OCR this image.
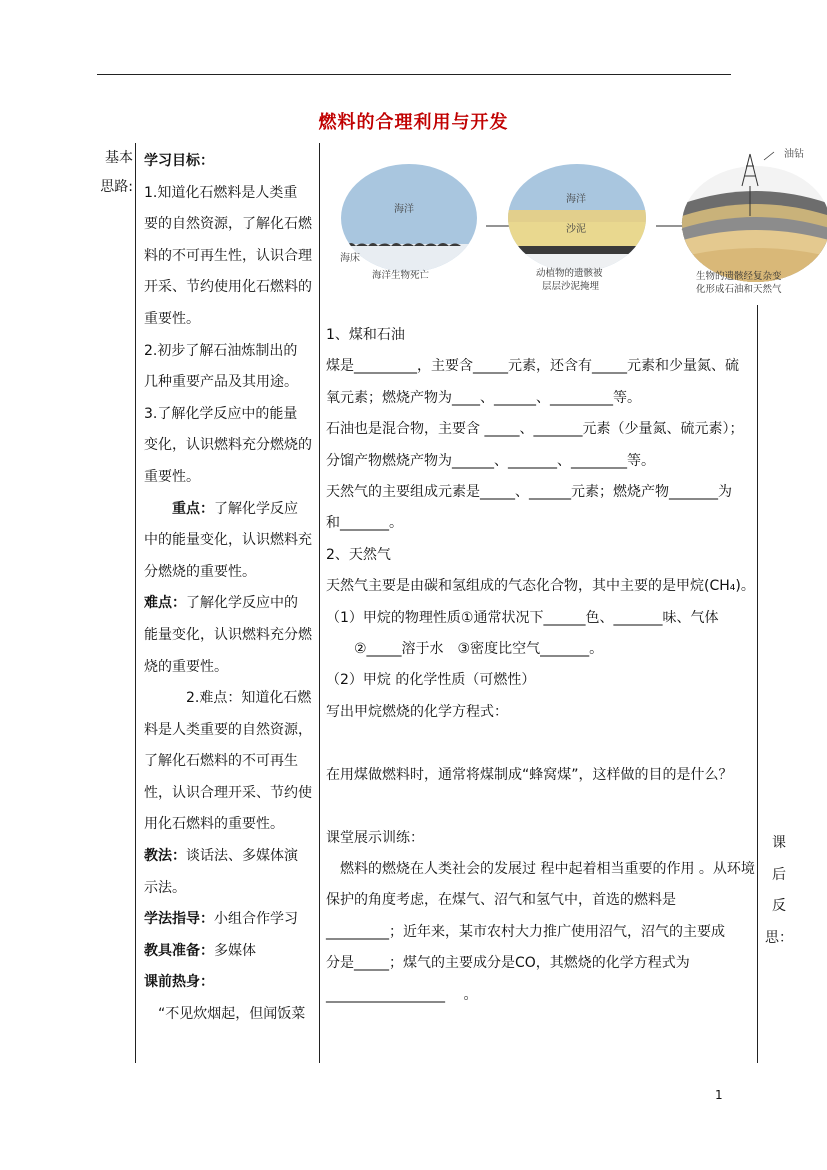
燃料的合理利用与开发
基本
思路:

学习目标：

1.知道化石燃料是人类重

要的自然资源，了解化石燃

料的不可再生性，认识合理

开采、节约使用化石燃料的

重要性。

2.初步了解石油炼制出的

几种重要产品及其用途。

3.了解化学反应中的能量

变化，认识燃料充分燃烧的

重要性。

重点：了解化学反应

中的能量变化，认识燃料充

分燃烧的重要性。

难点：了解化学反应中的

能量变化，认识燃料充分燃

烧的重要性。

2.难点：知道化石燃

料是人类重要的自然资源，

了解化石燃料的不可再生

性，认识合理开采、节约使

用化石燃料的重要性。

教法：谈话法、多媒体演

示法。

学法指导：小组合作学习

教具准备：多媒体

课前热身：

“不见炊烟起，但闻饭菜

海洋
海床
海洋生物死亡
海洋
沙泥
动植物的遗骸被
层层沙泥掩埋
油钻
生物的遗骸经复杂变
化形成石油和天然气

1、煤和石油

煤是_________，主要含_____元素，还含有_____元素和少量氮、硫

氧元素；燃烧产物为____、______、_________等。

石油也是混合物，主要含 _____、_______元素（少量氮、硫元素）；

分馏产物燃烧产物为______、_______、________等。

天然气的主要组成元素是_____、______元素；燃烧产物_______为

和_______。

2、天然气

天然气主要是由碳和氢组成的气态化合物，其中主要的是甲烷(CH₄)。

（1）甲烷的物理性质①通常状况下______色、_______味、气体

　　②_____溶于水　③密度比空气_______。

（2）甲烷 的化学性质（可燃性）

写出甲烷燃烧的化学方程式：

在用煤做燃料时，通常将煤制成“蜂窝煤”，这样做的目的是什么？

课堂展示训练：

　燃料的燃烧在人类社会的发展过 程中起着相当重要的作用 。从环境

保护的角度考虑，在煤气、沼气和氢气中，首选的燃料是

_________；近年来，某市农村大力推广使用沼气，沼气的主要成

分是_____；煤气的主要成分是CO，其燃烧的化学方程式为

_________________　 。

课
后
反
思：
1
